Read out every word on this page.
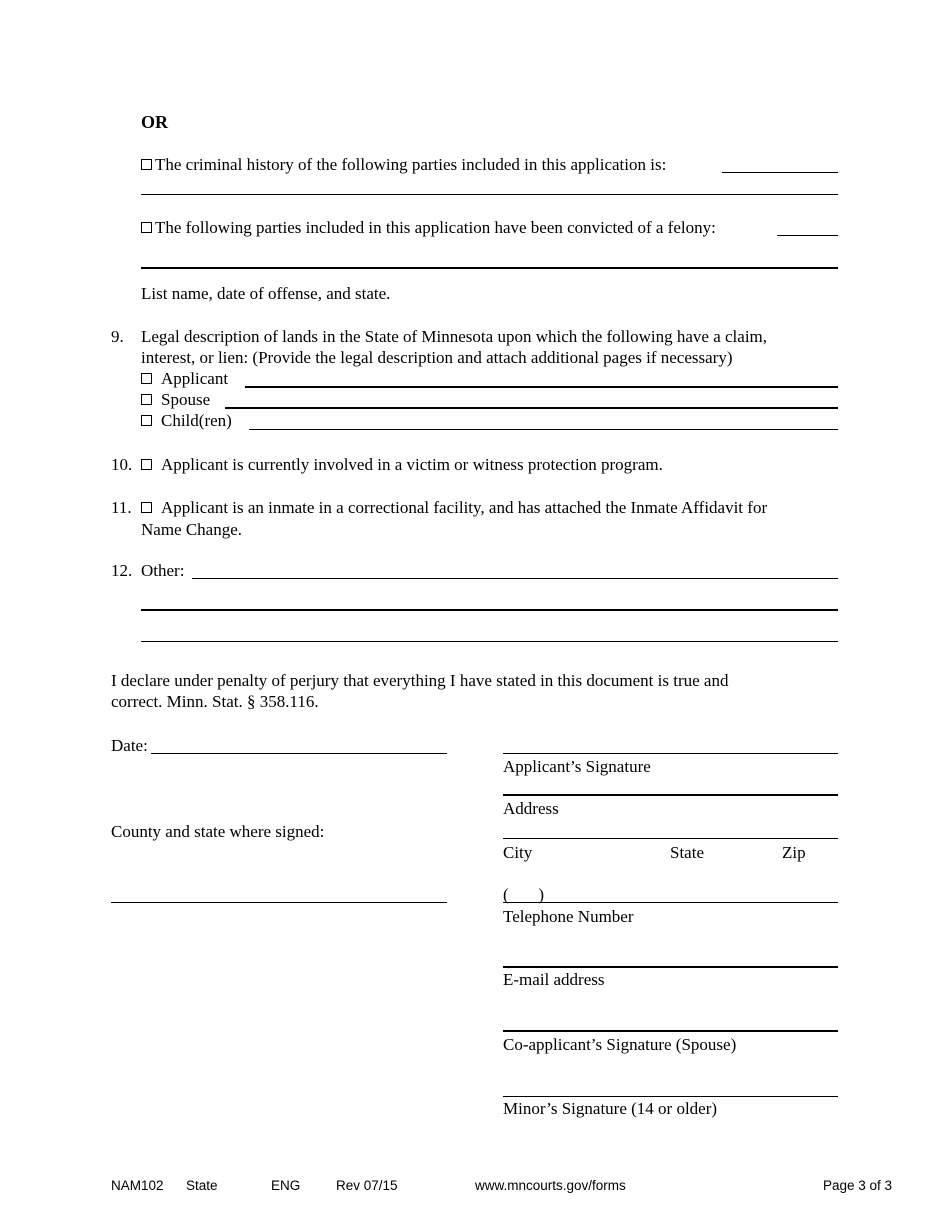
OR
The criminal history of the following parties included in this application is:
The following parties included in this application have been convicted of a felony:
List name, date of offense, and state.
9. Legal description of lands in the State of Minnesota upon which the following have a claim,
interest, or lien: (Provide the legal description and attach additional pages if necessary)
Applicant
Spouse
Child(ren)
10.	Applicant is currently involved in a victim or witness protection program.
11.	Applicant is an inmate in a correctional facility, and has attached the Inmate Affidavit for
Name Change.
12. Other:
I declare under penalty of perjury that everything I have stated in this document is true and
correct. Minn. Stat. § 358.116.
Date:
County and state where signed:
Applicant’s Signature
Address
City	State	Zip
(       )
Telephone Number
E-mail address
Co-applicant’s Signature (Spouse)
Minor’s Signature (14 or older)
NAM102 State	ENG	Rev 07/15	www.mncourts.gov/forms	Page 3 of 3
